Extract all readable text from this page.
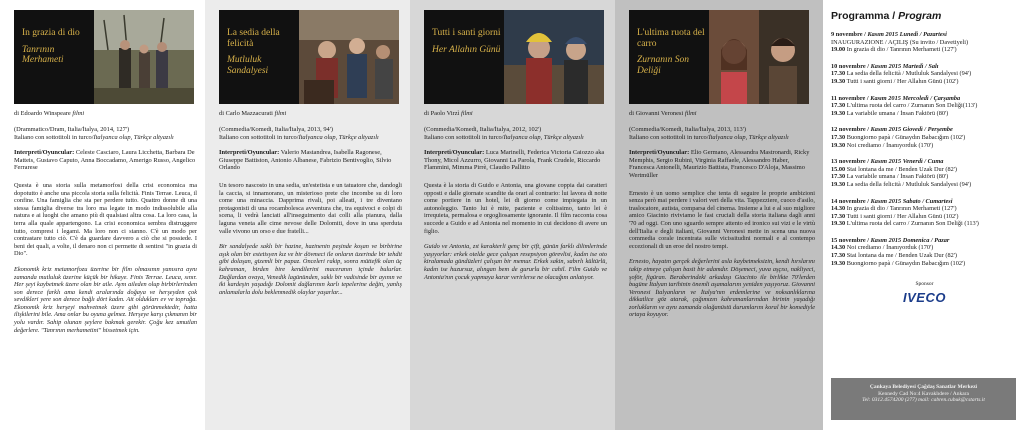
In grazia di dio
Tanrının Merhameti
di Edoardo Winspeare filmi
(Drammatico/Dram, Italia/İtalya, 2014, 127')
Italiano con sottotitoli in turco/İtalyanca olup, Türkçe altyazılı
Interpreti/Oyuncular: Celeste Casciaro, Laura Licchetta, Barbara De Matteis, Gustavo Caputo, Anna Boccadamo, Amerigo Russo, Angelico Ferrarese
Questa è una storia sulla metamorfosi della crisi economica ma dopotutto è anche una piccola storia sulla felicità. Finis Terrae. Leuca, il confine. Una famiglia che sta per perdere tutto. Quattro donne di una stessa famiglia diverse tra loro ma legate in modo indissolubile alla natura e ai luoghi che amano più di qualsiasi altra cosa. La loro casa, la terra alla quale appartengono. La crisi economica sembra distruggere tutto, compresi i legami. Ma loro non ci stanno. C'è un modo per contrastare tutto ciò. C'è da guardare davvero a ciò che si possiede. I beni dei quali, a volte, il denaro non ci permette di sentirsi "in grazia di Dio".
Ekonomik kriz metamorfozu üzerine bir film olmasının yanısıra aynı zamanda mutluluk üzerine küçük bir hikaye. Finis Terrae. Leuca, sınır. Her şeyi kaybetmek üzere olan bir aile. Aynı aileden olup birbirlerinden son derece farklı ama kendi aralarında doğaya ve herşeyden çok sevdikleri yere son derece bağlı dört kadın. Ait oldukları ev ve toprağa. Ekonomik kriz herşeyi mahvetmek üzere gibi görünmektedir, hatta ilişkilerini bile. Ama onlar bu oyuna gelmez. Herşeye karşı çıkmanın bir yolu vardır. Sahip olunan şeylere bakmak gerekir. Çoğu kez umutlan değerlere. "Tanrının merhametini" hissetmek için.
La sedia della felicità
Mutluluk Sandalyesi
di Carlo Mazzacurati filmi
(Commedia/Komedi, Italia/İtalya, 2013, 94')
Italiano con sottotitoli in turco/İtalyanca olup, Türkçe altyazılı
Interpreti/Oyuncular: Valerio Mastandrea, Isabella Ragonese, Giuseppe Battiston, Antonio Albanese, Fabrizio Bentivoglio, Silvio Orlando
Un tesoro nascosto in una sedia, un'estetista e un tatuatore che, dandogli la caccia, si innamorano, un misterioso prete che incombe su di loro come una minaccia. Dapprima rivali, poi alleati, i tre diventano protagonisti di una rocambolesca avventura che, tra equivoci e colpi di scena, li vedrà lanciati all'inseguimento dai colli alla pianura, dalla laguna veneta alle cime nevose delle Dolomiti, dove in una sperduta valle vivono un orso e due fratelli...
Bir sandalyede saklı bir hazine, hazinenin peşinde koşan ve birbirine aşık olan bir estetisyen kız ve bir dövmeci ile onların üzerinde bir tehdit gibi dolaşan, gizemli bir papaz. Önceleri rakip, sonra müttefik olan üç kahraman, birden bire kendilerini maceranın içinde bulurlar. Dağlardan ovaya, Venedik lagününden, saklı bir vadisinde bir ayının ve iki kardeşin yaşadığı Dolomit dağlarının karlı tepelerine değin, yanlış anlamalarla dolu beklenmedik olaylar yaşarlar...
Tutti i santi giorni
Her Allahın Günü
di Paolo Virzì filmi
(Commedia/Komedi, Italia/İtalya, 2012, 102')
Italiano con sottotitoli in turco/İtalyanca olup, Türkçe altyazılı
Interpreti/Oyuncular: Luca Marinelli, Federica Victoria Caiozzo aka Thony, Micol Azzurro, Giovanni La Parola, Frank Crudele, Riccardo Flammini, Mimma Pirrè, Claudio Pallitto
Questa è la storia di Guido e Antonia, una giovane coppia dai caratteri opposti e dalle giornate scandite da orari al contrario: lui lavora di notte come portiere in un hotel, lei di giorno come impiegata in un autonoleggio. Tanto lui è mite, paziente e coltissimo, tanto lei è irrequieta, permalosa e orgogliosamente ignorante. Il film racconta cosa succede a Guido e ad Antonia nel momento in cui decidono di avere un figlio.
Guido ve Antonia, zıt karakterli genç bir çift, günün farklı dilimlerinde yaşıyorlar: erkek otelde gece çalışan resepsiyon görevlisi, kadın ise oto kiralamada gündüzleri çalışan bir memur. Erkek sakin, sabırlı kültürlü, kadın ise huzursuz, alıngan bem de gururlu bir cahil. Film Guido ve Antonia'nın çocuk yapmaya karar verirlerse ne olacağını anlatıyor.
L'ultima ruota del carro
Zurnanın Son Deliği
di Giovanni Veronesi filmi
(Commedia/Komedi, Italia/İtalya, 2013, 113')
Italiano con sottotitoli in turco/İtalyanca olup, Türkçe altyazılı
Interpreti/Oyuncular: Elio Germano, Alessandra Mastronardi, Ricky Memphis, Sergio Rubini, Virginia Raffaele, Alessandro Haber, Francesca Antonelli, Maurizio Battista, Francesco D'Aloja, Massimo Wertmüller
Ernesto è un uomo semplice che tenta di seguire le proprie ambizioni senza però mai perdere i valori veri della vita. Tappezziere, cuoco d'asilo, traslocatore, autista, comparsa del cinema. Insieme a lui e al suo migliore amico Giacinto riviviamo le fasi cruciali della storia italiana dagli anni '70 ad oggi. Con uno sguardo sempre attento ed ironico sui vizi e le virtù dell'Italia e degli italiani, Giovanni Veronesi mette in scena una nuova commedia corale incentrata sulle vicissitudini normali e al contempo eccezionali di un eroe del nostro tempi.
Ernesto, hayatın gerçek değerlerini asla kaybetmeksizin, kendi hırslarını takip etmeye çalışan basit bir adamdır. Döşemeci, yuva aşçısı, nakliyeci, şoför, figüran. Beraberindeki arkadaşı Giacinto ile birlikte 70'lerden bugüne İtalyan tarihinin önemli aşamalarını yeniden yaşıyoruz. Giovanni Veronesi İtalyanların ve İtalya'nın erdemlerine ve noksanlıklarına dikkatlice göz atarak, çağımızın kahramanlarından birinin yaşadığı zorlukların ve aynı zamanda olağanüstü durumlarını koral bir komediyle ortaya koyuyor.
Programma / Program
9 novembre / Kasım 2015 Lunedì / Pazartesi
INAUGURAZIONE / AÇILIŞ (Su invito / Davetiyeli)
19.00 In grazia di dio / Tanrının Merhameti (127')
10 novembre / Kasım 2015 Martedì / Salı
17.30 La sedia della felicità / Mutluluk Sandalyesi (94')
19.30 Tutti i santi giorni / Her Allahın Günü (102')
11 novembre / Kasım 2015 Mercoledì / Çarşamba
17.30 L'ultima ruota del carro / Zurnanın Son Deliği(113')
19.30 La variabile umana / İnsan Faktörü (80')
12 novembre / Kasım 2015 Giovedì / Perşembe
17.30 Buongiorno papà / Günaydın Babacığım (102')
19.30 Noi crediamo / İnanıyorduk (170')
13 novembre / Kasım 2015 Venerdì / Cuma
15.00 Stai lontana da me / Benden Uzak Dur (82')
17.30 La variabile umana / İnsan Faktörü (80')
19.30 La sedia della felicità / Mutluluk Sandalyesi (94')
14 novembre / Kasım 2015 Sabato / Cumartesi
14.30 In grazia di dio / Tanrının Merhameti (127')
17.30 Tutti i santi giorni / Her Allahın Günü (102')
19.30 L'ultima ruota del carro / Zurnanın Son Deliği (113')
15 novembre / Kasım 2015 Domenica / Pazar
14.30 Noi crediamo / İnanıyorduk (170')
17.30 Stai lontana da me / Benden Uzak Dur (82')
19.30 Buongiorno papà / Günaydın Babacığım (102')
Sponsor
IVECO
Çankaya Belediyesi Çağdaş Sanatlar Merkezi
Kennedy Cad No:4 Kavaklıdere / Ankara
Tel: 0312.4574200 (277) mail: cabren.cubuk@cstarts.it
